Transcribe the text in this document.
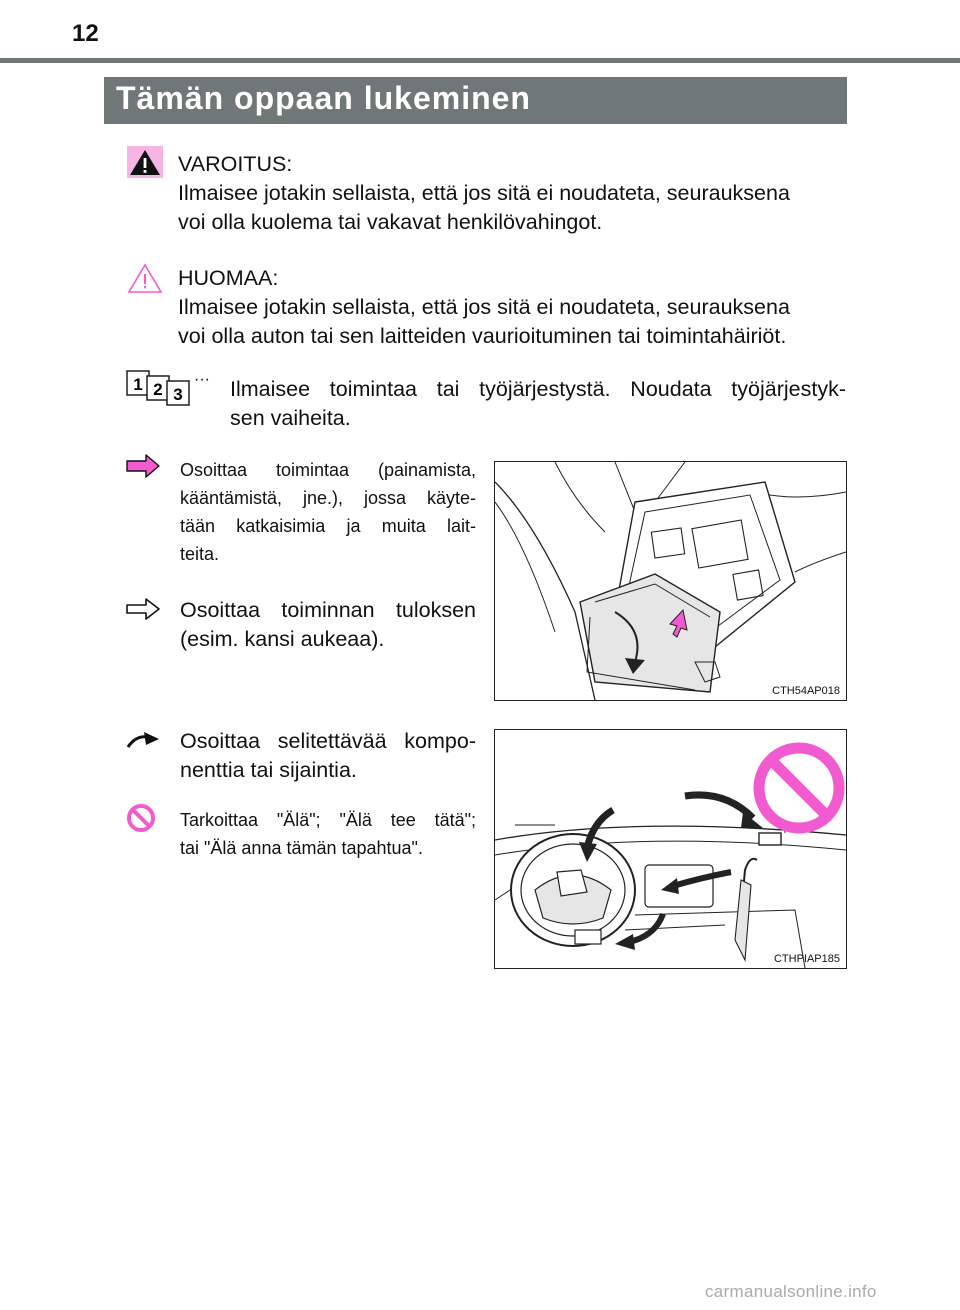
12
Tämän oppaan lukeminen
VAROITUS:
Ilmaisee jotakin sellaista, että jos sitä ei noudateta, seurauksena
voi olla kuolema tai vakavat henkilövahingot.
HUOMAA:
Ilmaisee jotakin sellaista, että jos sitä ei noudateta, seurauksena
voi olla auton tai sen laitteiden vaurioituminen tai toimintahäiriöt.
1 2 3
··· Ilmaisee toimintaa tai työjärjestystä. Noudata työjärjestyk-
sen vaiheita.
Osoittaa toimintaa (painamista,
kääntämistä, jne.), jossa käyte-
tään katkaisimia ja muita lait-
teita.
Osoittaa toiminnan tuloksen
(esim. kansi aukeaa).
Osoittaa selitettävää kompo-
nenttia tai sijaintia.
Tarkoittaa "Älä"; "Älä tee tätä";
tai "Älä anna tämän tapahtua".
CTH54AP018
CTHPIAP185
carmanualsonline.info
